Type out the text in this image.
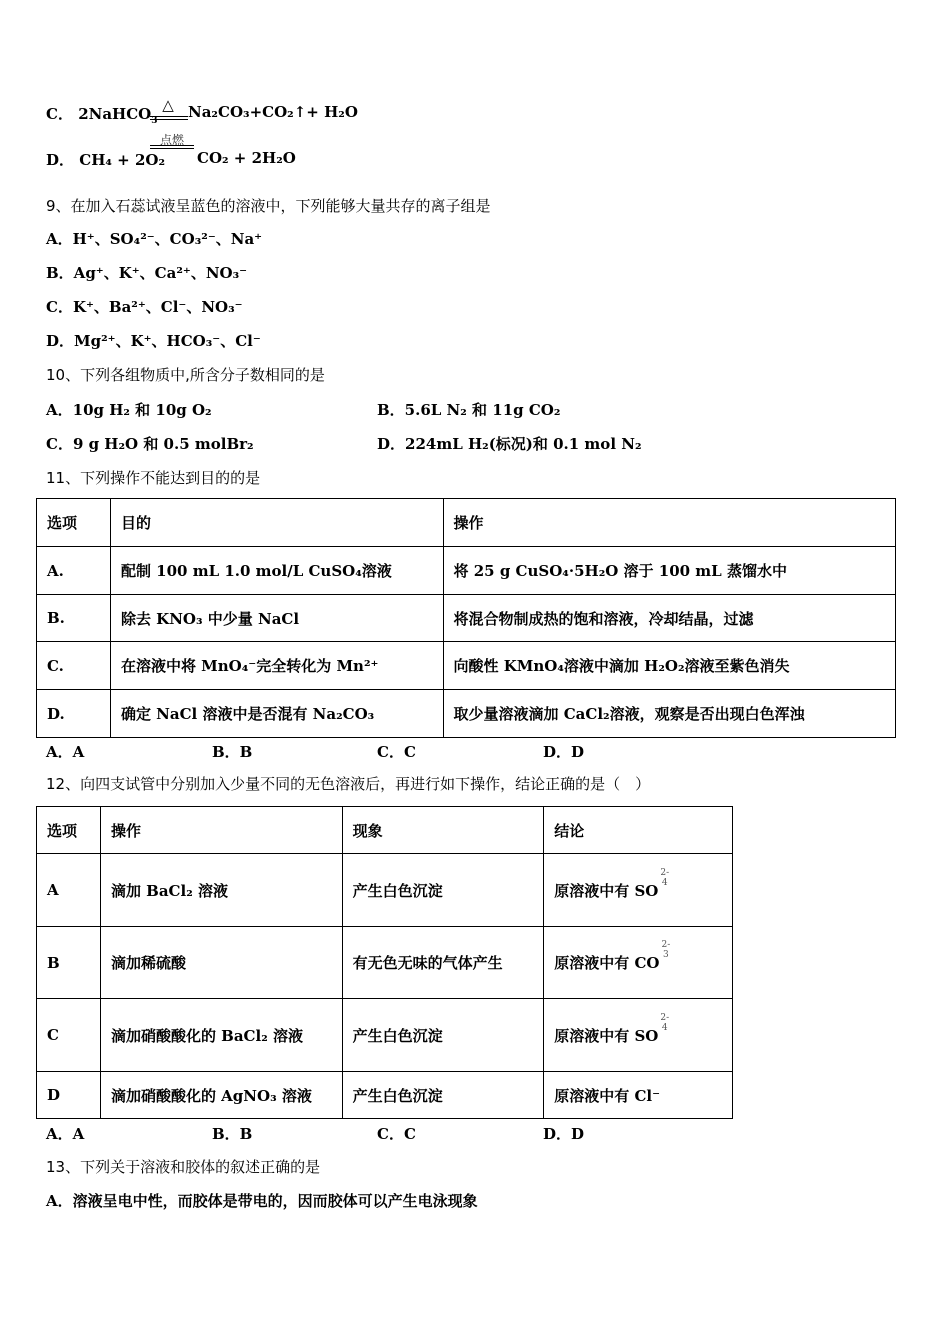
C． 2NaHCO$_3$
△ Na₂CO₃+CO₂↑+ H₂O
点燃
D． CH₄ + 2O₂ CO₂ + 2H₂O
9、在加入石蕊试液呈蓝色的溶液中，下列能够大量共存的离子组是
A．H⁺、SO₄²⁻、CO₃²⁻、Na⁺
B．Ag⁺、K⁺、Ca²⁺、NO₃⁻
C．K⁺、Ba²⁺、Cl⁻、NO₃⁻
D．Mg²⁺、K⁺、HCO₃⁻、Cl⁻
10、下列各组物质中,所含分子数相同的是
A．10g H₂ 和 10g O₂	B．5.6L N₂ 和 11g CO₂
C．9 g H₂O 和 0.5 molBr₂	D．224mL H₂(标况)和 0.1 mol N₂
11、下列操作不能达到目的的是
选项	目的	操作
A.	配制 100 mL 1.0 mol/L CuSO₄溶液	将 25 g CuSO₄·5H₂O 溶于 100 mL 蒸馏水中
B.	除去 KNO₃ 中少量 NaCl	将混合物制成热的饱和溶液，冷却结晶，过滤
C.	在溶液中将 MnO₄⁻完全转化为 Mn²⁺	向酸性 KMnO₄溶液中滴加 H₂O₂溶液至紫色消失
D.	确定 NaCl 溶液中是否混有 Na₂CO₃	取少量溶液滴加 CaCl₂溶液，观察是否出现白色浑浊
A．A	B．B	C．C	D．D
12、向四支试管中分别加入少量不同的无色溶液后，再进行如下操作，结论正确的是（　）
选项	操作	现象	结论
A	滴加 BaCl₂ 溶液	产生白色沉淀	原溶液中有 SO
2-
4

B	滴加稀硫酸	有无色无味的气体产生	原溶液中有 CO
2-
3

C	滴加硝酸酸化的 BaCl₂ 溶液	产生白色沉淀	原溶液中有 SO
2-
4

D	滴加硝酸酸化的 AgNO₃ 溶液	产生白色沉淀	原溶液中有 Cl⁻
A．A	B．B	C．C	D．D
13、下列关于溶液和胶体的叙述正确的是
A．溶液呈电中性，而胶体是带电的，因而胶体可以产生电泳现象
